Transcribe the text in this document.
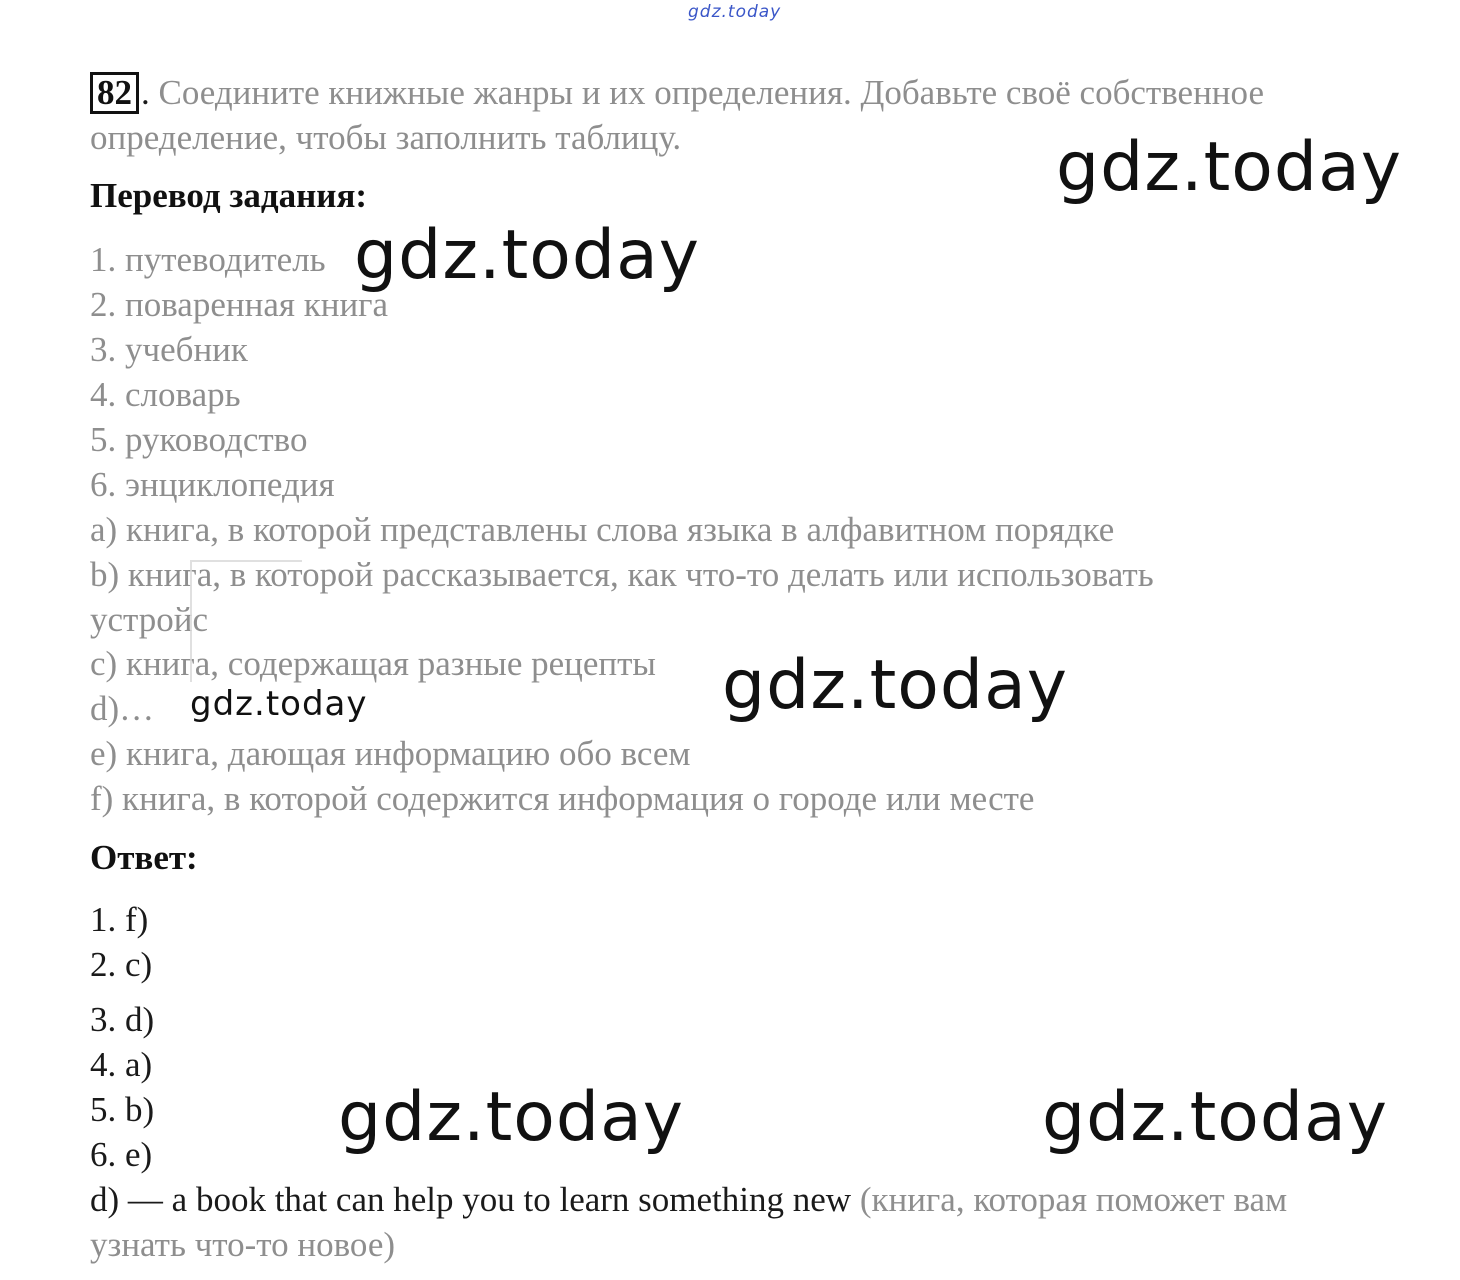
gdz.today
82 . Соедините книжные жанры и их определения. Добавьте своё собственное
определение, чтобы заполнить таблицу.	gdz.today
Перевод задания:
1. путеводитель
2. поваренная книга
3. учебник
4. словарь
5. руководство
6. энциклопедия
a) книга, в которой представлены слова языка в алфавитном порядке
b) книга, в которой рассказывается, как что-то делать или использовать
устройс
c) книга, содержащая разные рецепты
d)…
e) книга, дающая информацию обо всем
f) книга, в которой содержится информация о городе или месте
gdz.today
gdz.today
gdz.today
Ответ:
1. f)
2. c)
3. d)
4. a)
5. b)
6. e)
d) — a book that can help you to learn something new (книга, которая поможет вам
узнать что-то новое)
gdz.today	gdz.today
